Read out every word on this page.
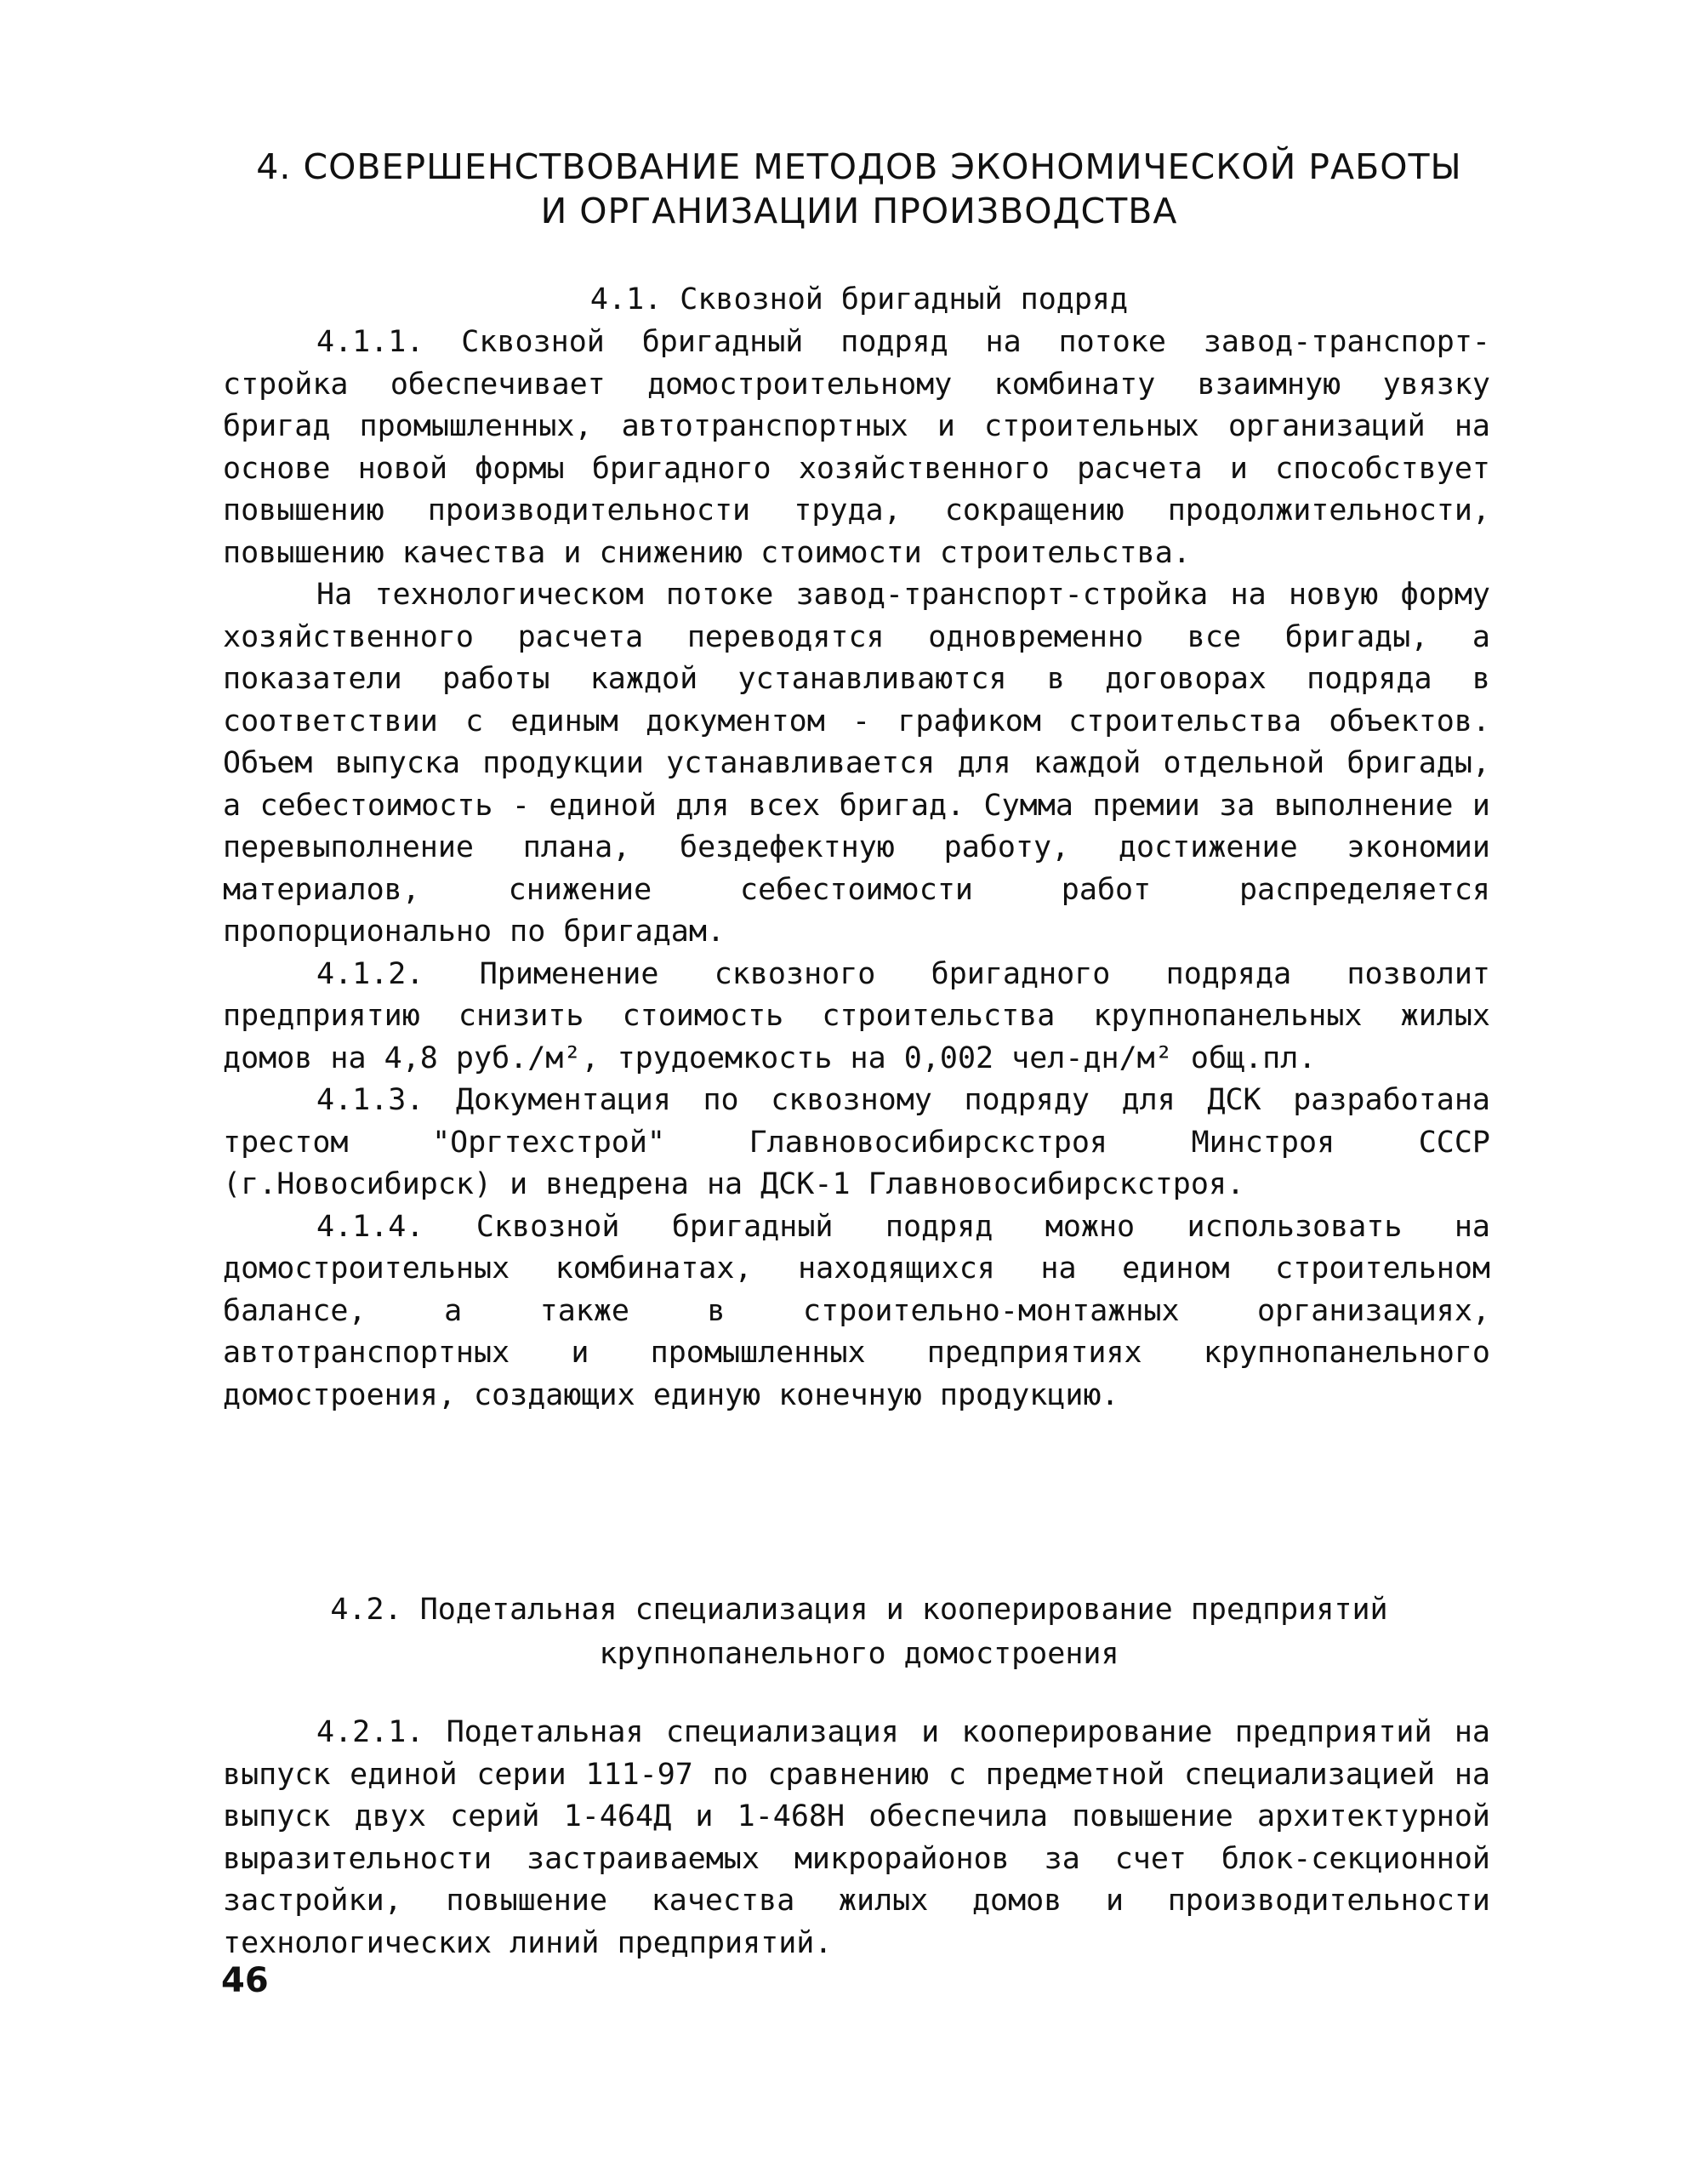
4. СОВЕРШЕНСТВОВАНИЕ МЕТОДОВ ЭКОНОМИЧЕСКОЙ РАБОТЫ
И ОРГАНИЗАЦИИ ПРОИЗВОДСТВА
4.1. Сквозной бригадный подряд

4.1.1. Сквозной бригадный подряд на потоке завод-транспорт-стройка обеспечивает домостроительному комбинату взаимную увязку бригад промышленных, автотранспортных и строительных организаций на основе новой формы бригадного хозяйственного расчета и способствует повышению производительности труда, сокращению продолжительности, повышению качества и снижению стоимости строительства.

На технологическом потоке завод-транспорт-стройка на новую форму хозяйственного расчета переводятся одновременно все бригады, а показатели работы каждой устанавливаются в договорах подряда в соответствии с единым документом - графиком строительства объектов. Объем выпуска продукции устанавливается для каждой отдельной бригады, а себестоимость - единой для всех бригад. Сумма премии за выполнение и перевыполнение плана, бездефектную работу, достижение экономии материалов, снижение себестоимости работ распределяется пропорционально по бригадам.

4.1.2. Применение сквозного бригадного подряда позволит предприятию снизить стоимость строительства крупнопанельных жилых домов на 4,8 руб./м², трудоемкость на 0,002 чел-дн/м² общ.пл.

4.1.3. Документация по сквозному подряду для ДСК разработана трестом "Оргтехстрой" Главновосибирскстроя Минстроя СССР (г.Новосибирск) и внедрена на ДСК-1 Главновосибирскстроя.

4.1.4. Сквозной бригадный подряд можно использовать на домостроительных комбинатах, находящихся на едином строительном балансе, а также в строительно-монтажных организациях, автотранспортных и промышленных предприятиях крупнопанельного домостроения, создающих единую конечную продукцию.

4.2. Подетальная специализация и кооперирование предприятий
крупнопанельного домостроения

4.2.1. Подетальная специализация и кооперирование предприятий на выпуск единой серии 111-97 по сравнению с предметной специализацией на выпуск двух серий 1-464Д и 1-468Н обеспечила повышение архитектурной выразительности застраиваемых микрорайонов за счет блок-секционной застройки, повышение качества жилых домов и производительности технологических линий предприятий.

46
